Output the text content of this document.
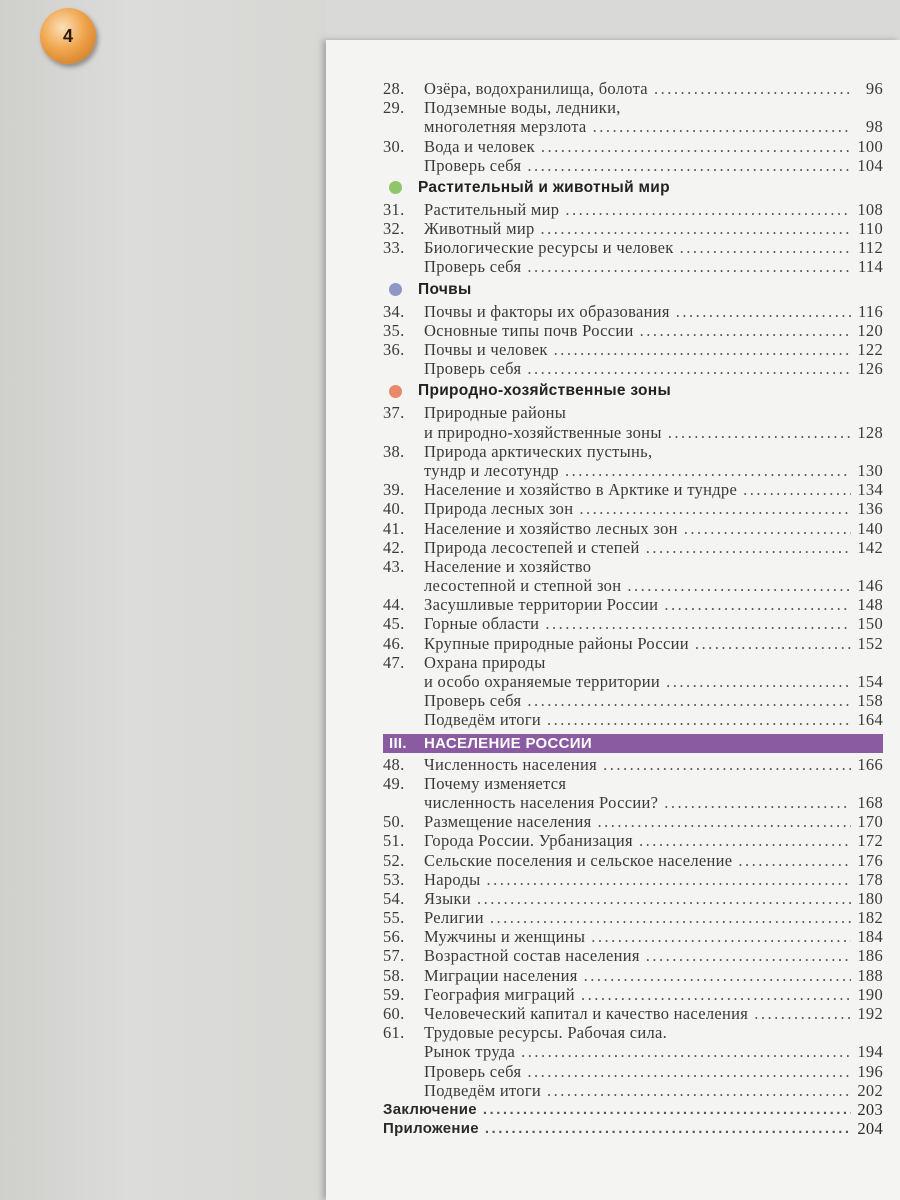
4
28.	Озёра, водохранилища, болота .....	96
29.	Подземные воды, ледники,
многолетняя мерзлота .....	98
30.	Вода и человек .....	100
Проверь себя .....	104
Растительный и животный мир
31.	Растительный мир .....	108
32.	Животный мир .....	110
33.	Биологические ресурсы и человек .....	112
Проверь себя .....	114
Почвы
34.	Почвы и факторы их образования .....	116
35.	Основные типы почв России .....	120
36.	Почвы и человек .....	122
Проверь себя .....	126
Природно-хозяйственные зоны
37.	Природные районы
и природно-хозяйственные зоны .....	128
38.	Природа арктических пустынь,
тундр и лесотундр .....	130
39.	Население и хозяйство в Арктике и тундре .....	134
40.	Природа лесных зон .....	136
41.	Население и хозяйство лесных зон .....	140
42.	Природа лесостепей и степей .....	142
43.	Население и хозяйство
лесостепной и степной зон .....	146
44.	Засушливые территории России .....	148
45.	Горные области .....	150
46.	Крупные природные районы России .....	152
47.	Охрана природы
и особо охраняемые территории .....	154
Проверь себя .....	158
Подведём итоги .....	164
III.	НАСЕЛЕНИЕ РОССИИ
48.	Численность населения .....	166
49.	Почему изменяется
численность населения России? .....	168
50.	Размещение населения .....	170
51.	Города России. Урбанизация .....	172
52.	Сельские поселения и сельское население .....	176
53.	Народы .....	178
54.	Языки .....	180
55.	Религии .....	182
56.	Мужчины и женщины .....	184
57.	Возрастной состав населения .....	186
58.	Миграции населения .....	188
59.	География миграций .....	190
60.	Человеческий капитал и качество населения .....	192
61.	Трудовые ресурсы. Рабочая сила.
Рынок труда .....	194
Проверь себя .....	196
Подведём итоги .....	202
Заключение .....	203
Приложение .....	204
